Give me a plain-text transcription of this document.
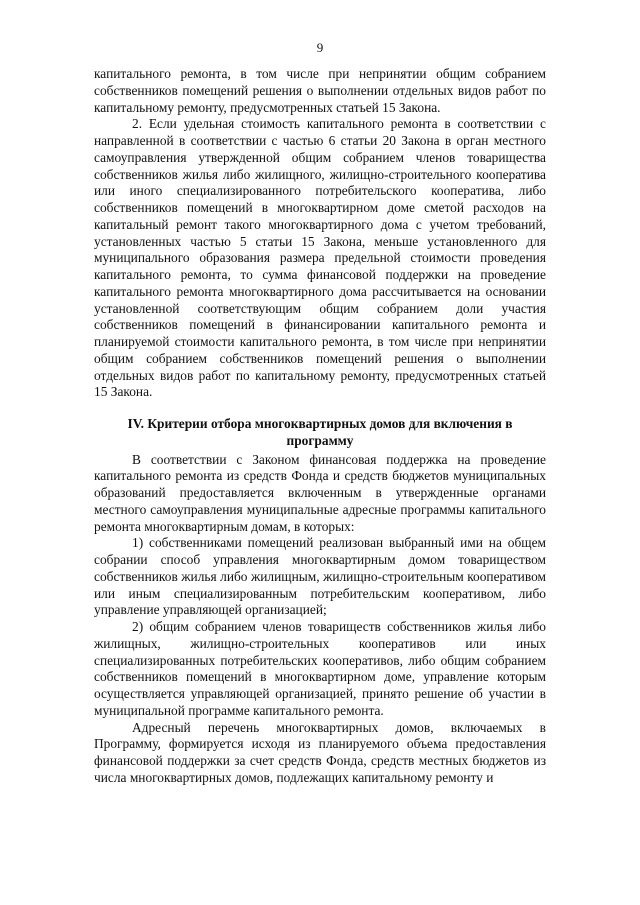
9

капитального ремонта, в том числе при непринятии общим собранием собственников помещений решения о выполнении отдельных видов работ по капитальному ремонту, предусмотренных статьей 15 Закона.

2. Если удельная стоимость капитального ремонта в соответствии с направленной в соответствии с частью 6 статьи 20 Закона в орган местного самоуправления утвержденной общим собранием членов товарищества собственников жилья либо жилищного, жилищно-строительного кооператива или иного специализированного потребительского кооператива, либо собственников помещений в многоквартирном доме сметой расходов на капитальный ремонт такого многоквартирного дома с учетом требований, установленных частью 5 статьи 15 Закона, меньше установленного для муниципального образования размера предельной стоимости проведения капитального ремонта, то сумма финансовой поддержки на проведение капитального ремонта многоквартирного дома рассчитывается на основании установленной соответствующим общим собранием доли участия собственников помещений в финансировании капитального ремонта и планируемой стоимости капитального ремонта, в том числе при непринятии общим собранием собственников помещений решения о выполнении отдельных видов работ по капитальному ремонту, предусмотренных статьей 15 Закона.

IV. Критерии отбора многоквартирных домов для включения в
программу

В соответствии с Законом финансовая поддержка на проведение капитального ремонта из средств Фонда и средств бюджетов муниципальных образований предоставляется включенным в утвержденные органами местного самоуправления муниципальные адресные программы капитального ремонта многоквартирным домам, в которых:

1) собственниками помещений реализован выбранный ими на общем собрании способ управления многоквартирным домом товариществом собственников жилья либо жилищным, жилищно-строительным кооперативом или иным специализированным потребительским кооперативом, либо управление управляющей организацией;

2) общим собранием членов товариществ собственников жилья либо жилищных, жилищно-строительных кооперативов или иных специализированных потребительских кооперативов, либо общим собранием собственников помещений в многоквартирном доме, управление которым осуществляется управляющей организацией, принято решение об участии в муниципальной программе капитального ремонта.

Адресный перечень многоквартирных домов, включаемых в Программу, формируется исходя из планируемого объема предоставления финансовой поддержки за счет средств Фонда, средств местных бюджетов из числа многоквартирных домов, подлежащих капитальному ремонту и
